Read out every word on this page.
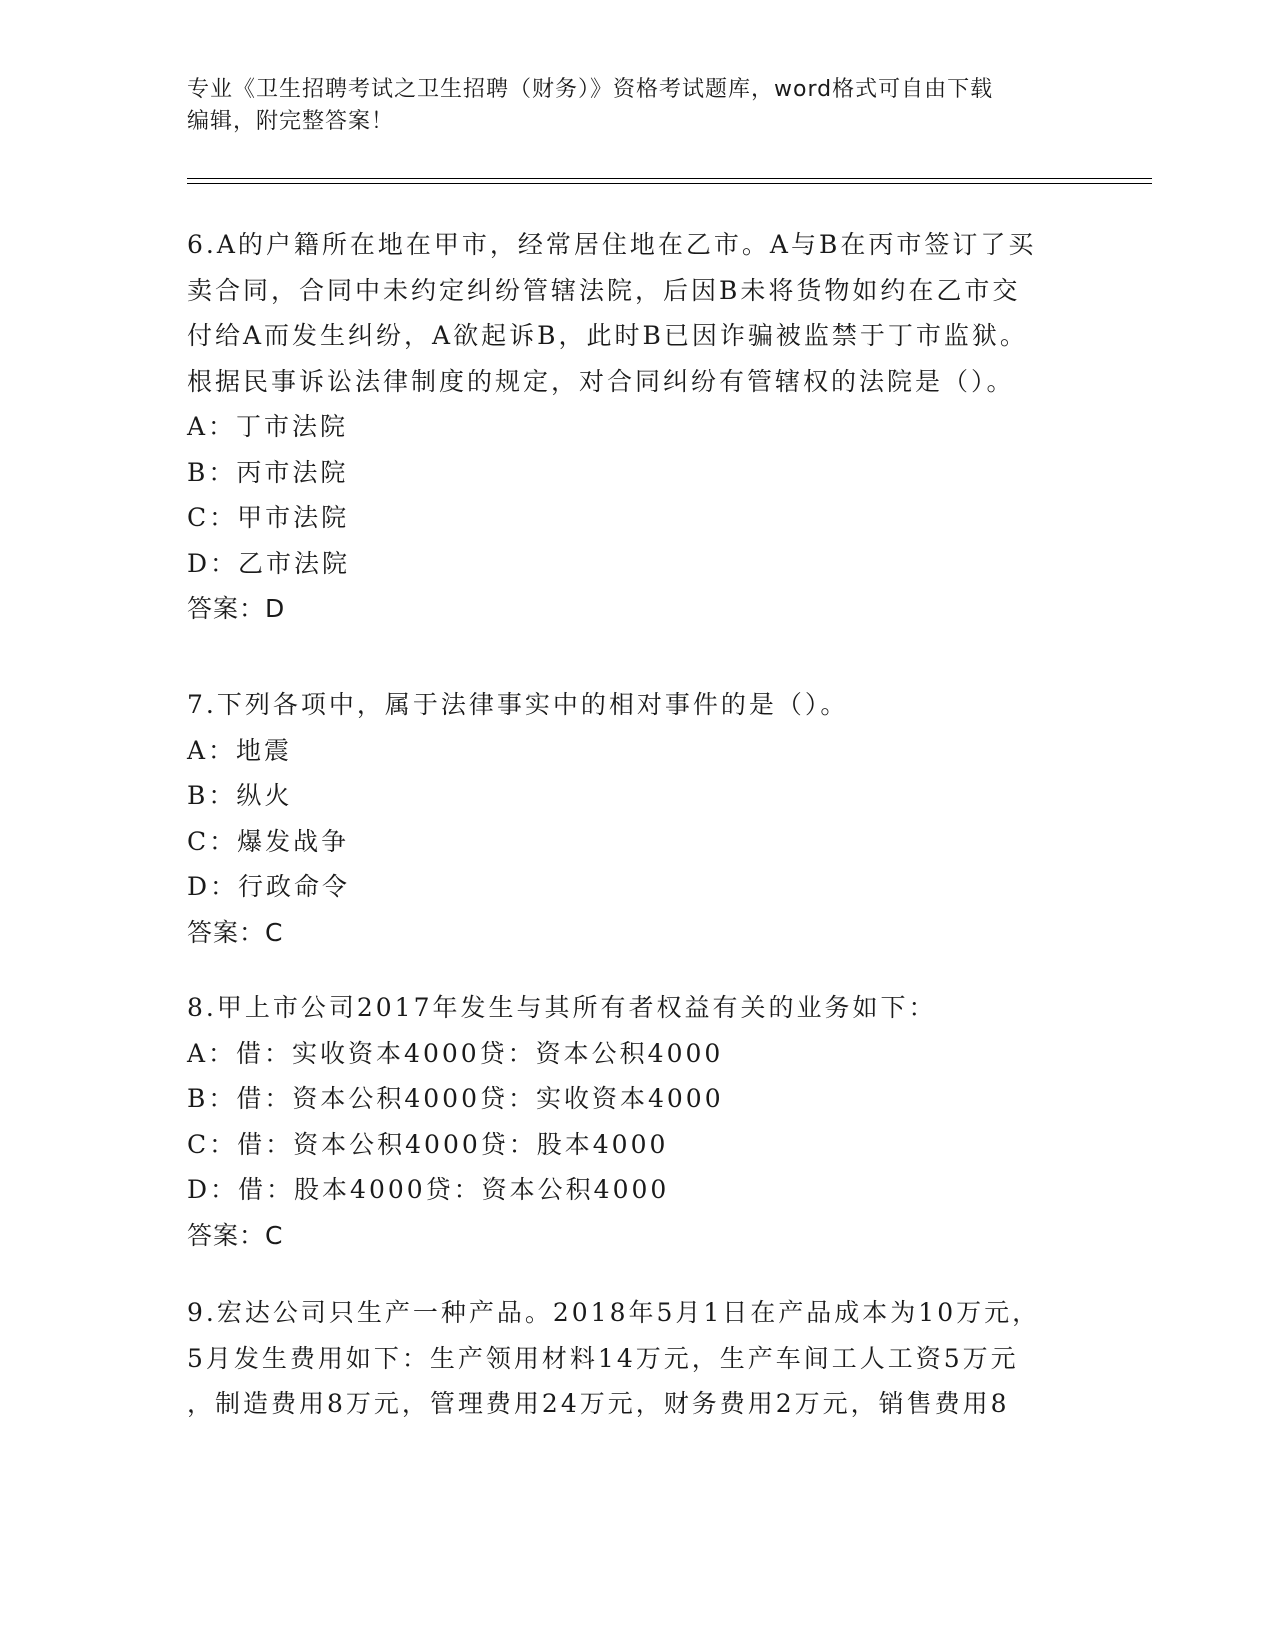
专业《卫生招聘考试之卫生招聘（财务）》资格考试题库，word格式可自由下载
编辑，附完整答案！
6.A的户籍所在地在甲市，经常居住地在乙市。A与B在丙市签订了买
卖合同，合同中未约定纠纷管辖法院，后因B未将货物如约在乙市交
付给A而发生纠纷，A欲起诉B，此时B已因诈骗被监禁于丁市监狱。
根据民事诉讼法律制度的规定，对合同纠纷有管辖权的法院是（）。
A：丁市法院
B：丙市法院
C：甲市法院
D：乙市法院
答案：D
7.下列各项中，属于法律事实中的相对事件的是（）。
A：地震
B：纵火
C：爆发战争
D：行政命令
答案：C
8.甲上市公司2017年发生与其所有者权益有关的业务如下：
A：借：实收资本4000贷：资本公积4000
B：借：资本公积4000贷：实收资本4000
C：借：资本公积4000贷：股本4000
D：借：股本4000贷：资本公积4000
答案：C
9.宏达公司只生产一种产品。2018年5月1日在产品成本为10万元，
5月发生费用如下：生产领用材料14万元，生产车间工人工资5万元
，制造费用8万元，管理费用24万元，财务费用2万元，销售费用8
